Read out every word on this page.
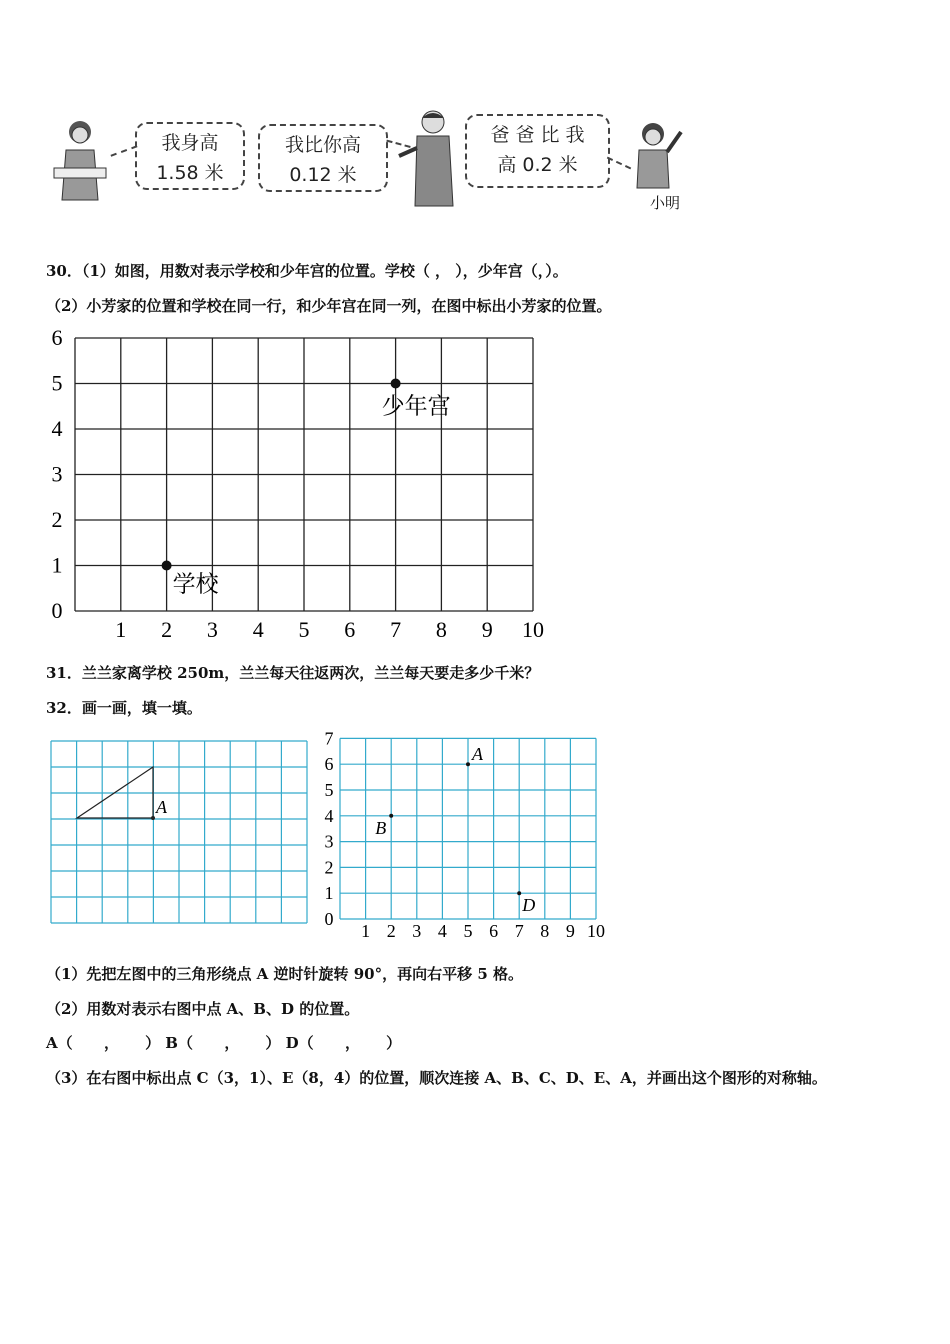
我身高
1.58 米
我比你高
0.12 米
爸 爸 比 我
高 0.2 米
小明
30．（1）如图，用数对表示学校和少年宫的位置。学校（ ， ），少年宫（，）。
（2）小芳家的位置和学校在同一行，和少年宫在同一列，在图中标出小芳家的位置。
1 2 3 4 5 6 7 8 9 10
0
1
2
3
4
5
6
学校
少年宫
31．兰兰家离学校 250m，兰兰每天往返两次，兰兰每天要走多少千米？
32．画一画，填一填。
A
1 2 3 4 5 6 7 8 9 10
0
1
2
3
4
5
6
7
A
B
D
（1）先把左图中的三角形绕点 A 逆时针旋转 90°，再向右平移 5 格。
（2）用数对表示右图中点 A、B、D 的位置。
A（      ，     ） B（      ，     ） D（      ，     ）
（3）在右图中标出点 C（3，1）、E（8，4）的位置，顺次连接 A、B、C、D、E、A，并画出这个图形的对称轴。
